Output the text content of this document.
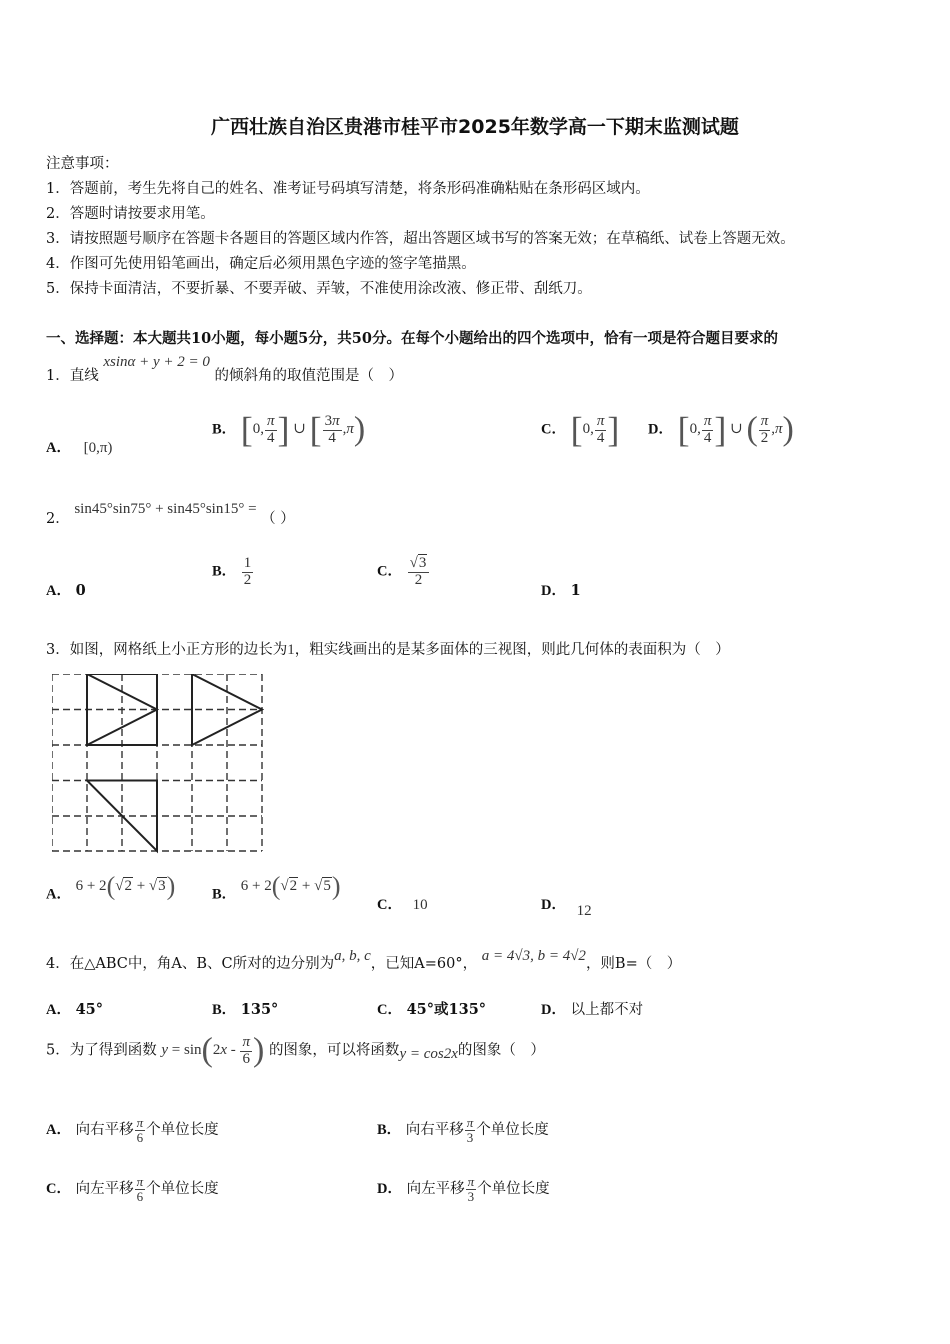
广西壮族自治区贵港市桂平市2025年数学高一下期末监测试题
注意事项：
1．答题前，考生先将自己的姓名、准考证号码填写清楚，将条形码准确粘贴在条形码区域内。
2．答题时请按要求用笔。
3．请按照题号顺序在答题卡各题目的答题区域内作答，超出答题区域书写的答案无效；在草稿纸、试卷上答题无效。
4．作图可先使用铅笔画出，确定后必须用黑色字迹的签字笔描黑。
5．保持卡面清洁，不要折暴、不要弄破、弄皱，不准使用涂改液、修正带、刮纸刀。
一、选择题：本大题共10小题，每小题5分，共50分。在每个小题给出的四个选项中，恰有一项是符合题目要求的
1．直线 xsinα + y + 2 = 0 的倾斜角的取值范围是（　）
A． [0,π)
B． [0, $\frac{\pi}{4}$ ] ∪ [ $\frac{3\pi}{4} ,\pi$)	C． [0, $\frac{\pi}{4}$ ] D． [0, $\frac{\pi}{4}$ ] ∪ ( $\frac{\pi}{2} ,\pi$)
2． sin45°sin75° + sin45°sin15° = （ ）
A． 0
B． $\frac{1}{2}$	C． $\frac{√3}{2}$
D． 1
3．如图，网格纸上小正方形的边长为1，粗实线画出的是某多面体的三视图，则此几何体的表面积为（　）
A． 6 + 2(√2 + √3)	B． 6 + 2(√2 + √5)
C． 10	D． 12
4．在△ABC中，角A、B、C所对的边分别为a, b, c，已知A=60°， a = 4√3, b = 4√2，则B=（　）
A． 45°	B． 135°	C． 45°或135°	D． 以上都不对
5．为了得到函数 $y = \sin(2x - \frac{\pi}{6}$ ) 的图象，可以将函数y = cos2x的图象（　）
A． 向右平移 $\frac{\pi}{6}$ 个单位长度	B． 向右平移 $\frac{\pi}{3}$ 个单位长度
C． 向左平移 $\frac{\pi}{6}$ 个单位长度	D． 向左平移 $\frac{\pi}{3}$ 个单位长度
